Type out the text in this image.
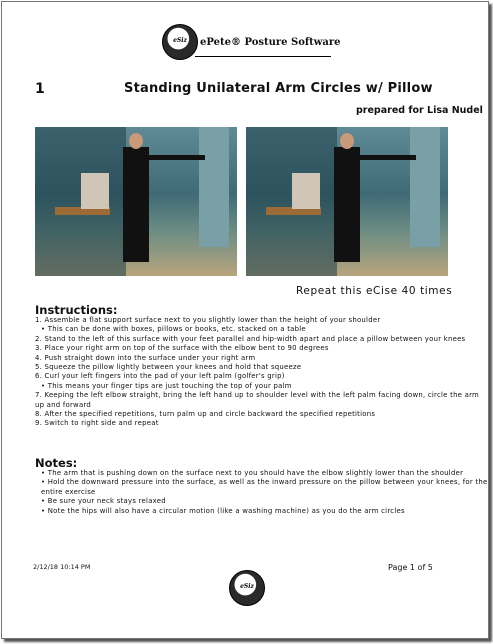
eSiz	ePete® Posture Software
1	Standing Unilateral Arm Circles w/ Pillow
prepared for Lisa Nudel
Repeat this eCise 40 times
Instructions:
1. Assemble a flat support surface next to you slightly lower than the height of your shoulder
• This can be done with boxes, pillows or books, etc. stacked on a table
2. Stand to the left of this surface with your feet parallel and hip-width apart and place a pillow between your knees
3. Place your right arm on top of the surface with the elbow bent to 90 degrees
4. Push straight down into the surface under your right arm
5. Squeeze the pillow lightly between your knees and hold that squeeze
6. Curl your left fingers into the pad of your left palm (golfer's grip)
• This means your finger tips are just touching the top of your palm
7. Keeping the left elbow straight, bring the left hand up to shoulder level with the left palm facing down, circle the arm up and forward
8. After the specified repetitions, turn palm up and circle backward the specified repetitions
9. Switch to right side and repeat
Notes:
• The arm that is pushing down on the surface next to you should have the elbow slightly lower than the shoulder
• Hold the downward pressure into the surface, as well as the inward pressure on the pillow between your knees, for the entire exercise
• Be sure your neck stays relaxed
• Note the hips will also have a circular motion (like a washing machine) as you do the arm circles
2/12/18 10:14 PM	Page 1 of 5
eSiz
